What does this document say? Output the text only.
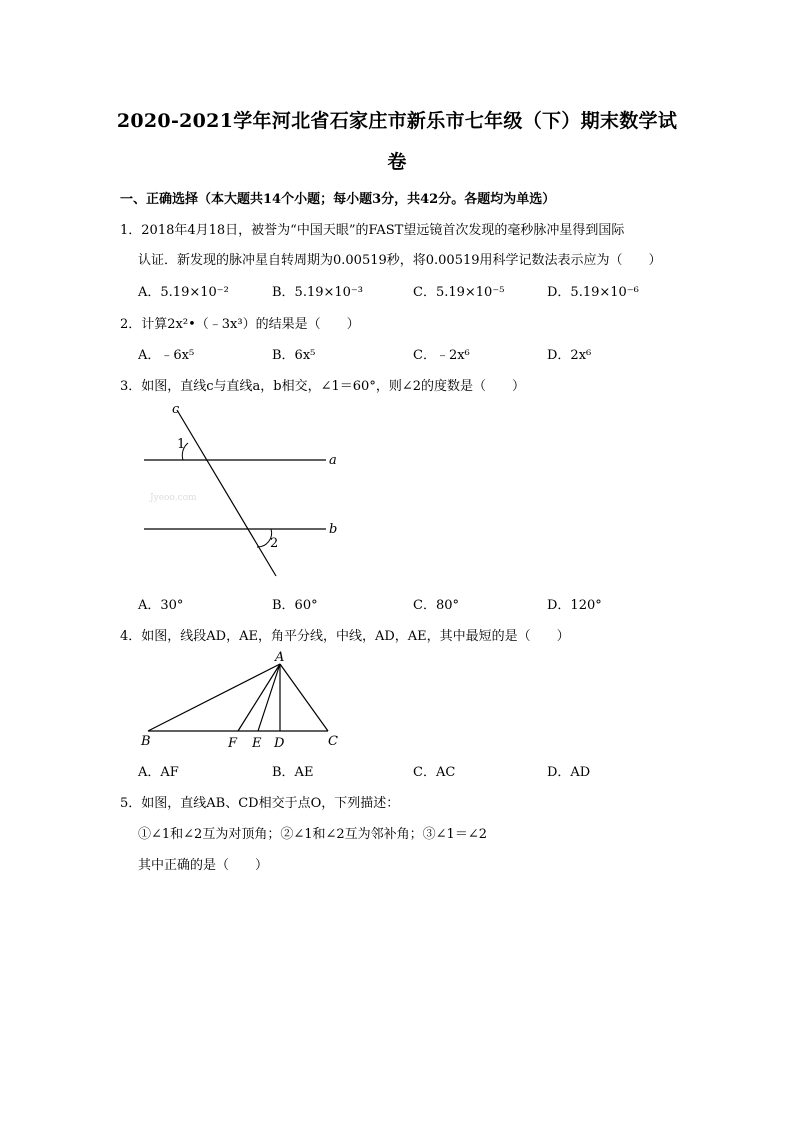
2020-2021学年河北省石家庄市新乐市七年级（下）期末数学试
卷
一、正确选择（本大题共14个小题；每小题3分，共42分。各题均为单选）
1．2018年4月18日，被誉为“中国天眼”的FAST望远镜首次发现的毫秒脉冲星得到国际
认证．新发现的脉冲星自转周期为0.00519秒，将0.00519用科学记数法表示应为（　　）
A．5.19×10⁻²	B．5.19×10⁻³	C．5.19×10⁻⁵	D．5.19×10⁻⁶
2．计算2x²•（﹣3x³）的结果是（　　）
A．﹣6x⁵	B．6x⁵	C．﹣2x⁶	D．2x⁶
3．如图，直线c与直线a，b相交，∠1＝60°，则∠2的度数是（　　）
c
a
b
1
2
Jyeoo.com
A．30°	B．60°	C．80°	D．120°
4．如图，线段AD，AE，角平分线，中线，AD，AE，其中最短的是（　　）
A
B	F E D	C
A．AF	B．AE	C．AC	D．AD
5．如图，直线AB、CD相交于点O，下列描述：
①∠1和∠2互为对顶角；②∠1和∠2互为邻补角；③∠1＝∠2
其中正确的是（　　）
